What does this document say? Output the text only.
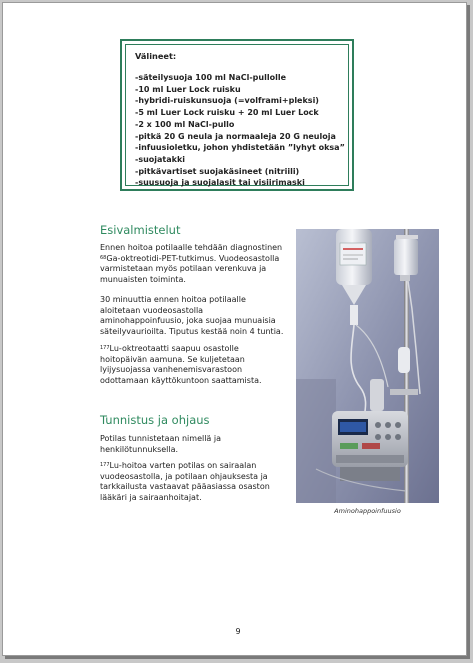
Välineet:
-säteilysuoja 100 ml NaCl-pullolle
-10 ml Luer Lock ruisku
-hybridi-ruiskunsuoja (=volframi+pleksi)
-5 ml Luer Lock ruisku + 20 ml Luer Lock
-2 x 100 ml NaCl-pullo
-pitkä 20 G neula ja normaaleja 20 G neuloja
-infuusioletku, johon yhdistetään ”lyhyt oksa”
-suojatakki
-pitkävartiset suojakäsineet (nitriili)
-suusuoja ja suojalasit tai visiirimaski
Esivalmistelut

Ennen hoitoa potilaalle tehdään diagnostinen $^{68}$Ga-oktreotidi-PET-tutkimus. Vuodeosastolla varmistetaan myös potilaan verenkuva ja munuaisten toiminta.

30 minuuttia ennen hoitoa potilaalle aloitetaan vuodeosastolla aminohappoinfuusio, joka suojaa munuaisia säteilyvaurioilta. Tiputus kestää noin 4 tuntia.

$^{177}$Lu-oktreotaatti saapuu osastolle hoitopäivän aamuna. Se kuljetetaan lyijysuojassa vanhenemisvarastoon odottamaan käyttökuntoon saattamista.

Tunnistus ja ohjaus

Potilas tunnistetaan nimellä ja henkilötunnuksella.

$^{177}$Lu-hoitoa varten potilas on sairaalan vuodeosastolla, ja potilaan ohjauksesta ja tarkkailusta vastaavat pääasiassa osaston lääkäri ja sairaanhoitajat.

Aminohappoinfuusio
9
